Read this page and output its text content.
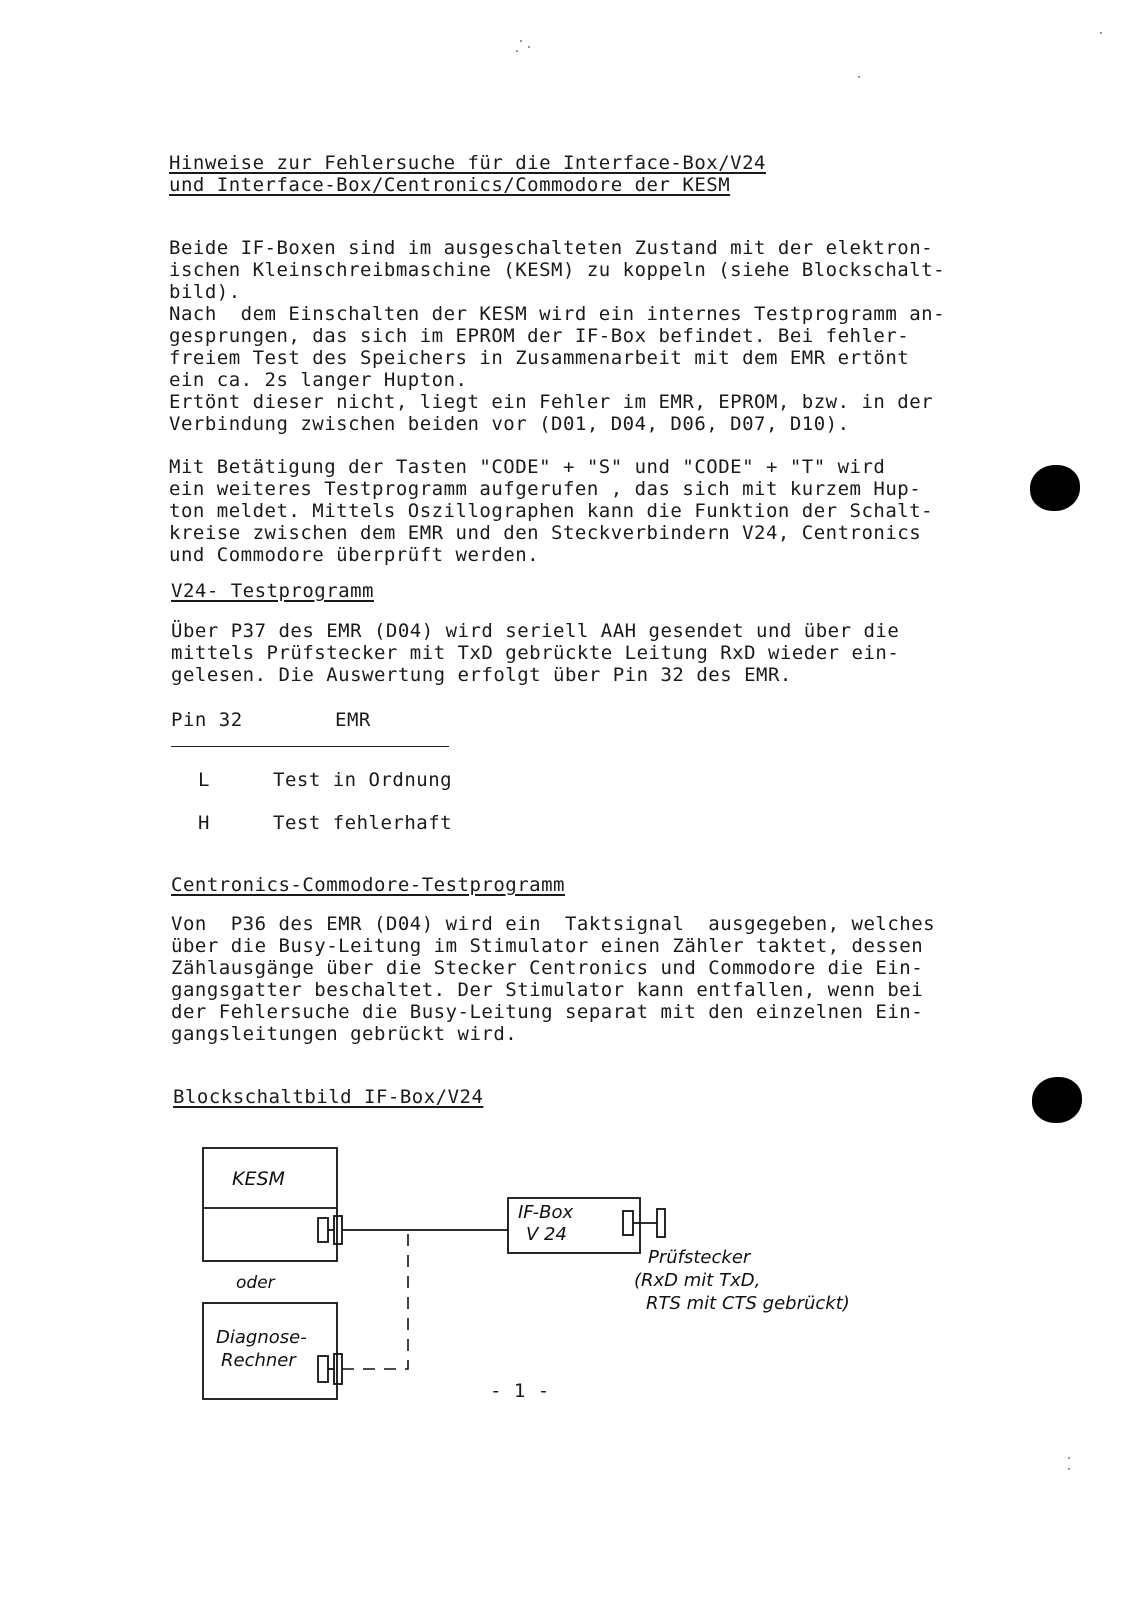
Hinweise zur Fehlersuche für die Interface-Box/V24
und Interface-Box/Centronics/Commodore der KESM
Beide IF-Boxen sind im ausgeschalteten Zustand mit der elektron-
ischen Kleinschreibmaschine (KESM) zu koppeln (siehe Blockschalt-
bild).
Nach  dem Einschalten der KESM wird ein internes Testprogramm an-
gesprungen, das sich im EPROM der IF-Box befindet. Bei fehler-
freiem Test des Speichers in Zusammenarbeit mit dem EMR ertönt
ein ca. 2s langer Hupton.
Ertönt dieser nicht, liegt ein Fehler im EMR, EPROM, bzw. in der
Verbindung zwischen beiden vor (D01, D04, D06, D07, D10).
Mit Betätigung der Tasten "CODE" + "S" und "CODE" + "T" wird
ein weiteres Testprogramm aufgerufen , das sich mit kurzem Hup-
ton meldet. Mittels Oszillographen kann die Funktion der Schalt-
kreise zwischen dem EMR und den Steckverbindern V24, Centronics
und Commodore überprüft werden.
V24- Testprogramm
Über P37 des EMR (D04) wird seriell AAH gesendet und über die
mittels Prüfstecker mit TxD gebrückte Leitung RxD wieder ein-
gelesen. Die Auswertung erfolgt über Pin 32 des EMR.
Pin 32	EMR
L	Test in Ordnung
H	Test fehlerhaft
Centronics-Commodore-Testprogramm
Von  P36 des EMR (D04) wird ein  Taktsignal  ausgegeben, welches
über die Busy-Leitung im Stimulator einen Zähler taktet, dessen
Zählausgänge über die Stecker Centronics und Commodore die Ein-
gangsgatter beschaltet. Der Stimulator kann entfallen, wenn bei
der Fehlersuche die Busy-Leitung separat mit den einzelnen Ein-
gangsleitungen gebrückt wird.
Blockschaltbild IF-Box/V24
KESM
oder
Diagnose-
Rechner
IF-Box
V 24
Prüfstecker
(RxD mit TxD,
RTS mit CTS gebrückt)
- 1 -
